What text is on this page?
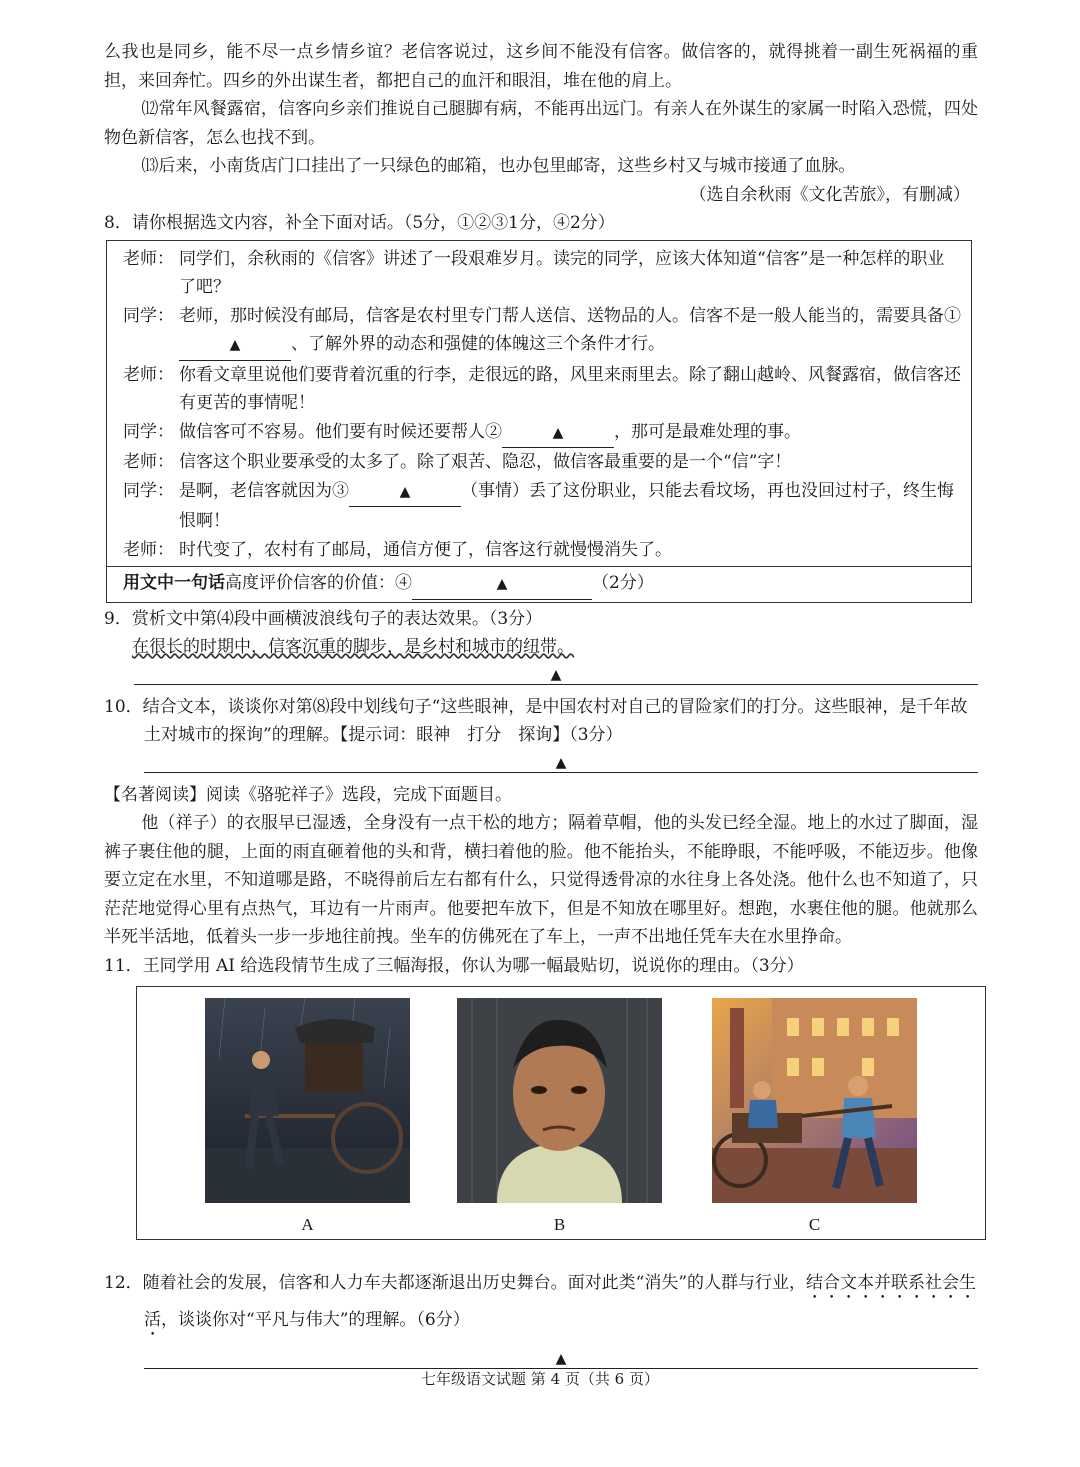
么我也是同乡，能不尽一点乡情乡谊？老信客说过，这乡间不能没有信客。做信客的，就得挑着一副生死祸福的重担，来回奔忙。四乡的外出谋生者，都把自己的血汗和眼泪，堆在他的肩上。

⑿常年风餐露宿，信客向乡亲们推说自己腿脚有病，不能再出远门。有亲人在外谋生的家属一时陷入恐慌，四处物色新信客，怎么也找不到。

⒀后来，小南货店门口挂出了一只绿色的邮箱，也办包里邮寄，这些乡村又与城市接通了血脉。

（选自余秋雨《文化苦旅》，有删减）

8．请你根据选文内容，补全下面对话。（5分，①②③1分，④2分）

老师： 同学们，余秋雨的《信客》讲述了一段艰难岁月。读完的同学，应该大体知道“信客”是一种怎样的职业了吧？
同学： 老师，那时候没有邮局，信客是农村里专门帮人送信、送物品的人。信客不是一般人能当的，需要具备①▲	、了解外界的动态和强健的体魄这三个条件才行。
老师： 你看文章里说他们要背着沉重的行李，走很远的路，风里来雨里去。除了翻山越岭、风餐露宿，做信客还有更苦的事情呢！
同学： 做信客可不容易。他们要有时候还要帮人②	▲	，那可是最难处理的事。
老师： 信客这个职业要承受的太多了。除了艰苦、隐忍，做信客最重要的是一个“信”字！
同学： 是啊，老信客就因为③	▲	（事情）丢了这份职业，只能去看坟场，再也没回过村子，终生悔恨啊！
老师： 时代变了，农村有了邮局，通信方便了，信客这行就慢慢消失了。
用文中一句话高度评价信客的价值：④	▲	（2分）

9．赏析文中第⑷段中画横波浪线句子的表达效果。（3分）

在很长的时期中，信客沉重的脚步，是乡村和城市的纽带。

▲

10．结合文本，谈谈你对第⑻段中划线句子“这些眼神，是中国农村对自己的冒险家们的打分。这些眼神，是千年故土对城市的探询”的理解。【提示词：眼神　打分　探询】（3分）

▲

【名著阅读】阅读《骆驼祥子》选段，完成下面题目。

他（祥子）的衣服早已湿透，全身没有一点干松的地方；隔着草帽，他的头发已经全湿。地上的水过了脚面，湿裤子裹住他的腿，上面的雨直砸着他的头和背，横扫着他的脸。他不能抬头，不能睁眼，不能呼吸，不能迈步。他像要立定在水里，不知道哪是路，不晓得前后左右都有什么，只觉得透骨凉的水往身上各处浇。他什么也不知道了，只茫茫地觉得心里有点热气，耳边有一片雨声。他要把车放下，但是不知放在哪里好。想跑，水裹住他的腿。他就那么半死半活地，低着头一步一步地往前拽。坐车的仿佛死在了车上，一声不出地任凭车夫在水里挣命。

11．王同学用 AI 给选段情节生成了三幅海报，你认为哪一幅最贴切，说说你的理由。（3分）

A	B	C

12．随着社会的发展，信客和人力车夫都逐渐退出历史舞台。面对此类“消失”的人群与行业，结合文本并联系社会生活，谈谈你对“平凡与伟大”的理解。（6分）

▲
七年级语文试题 第 4 页（共 6 页）
